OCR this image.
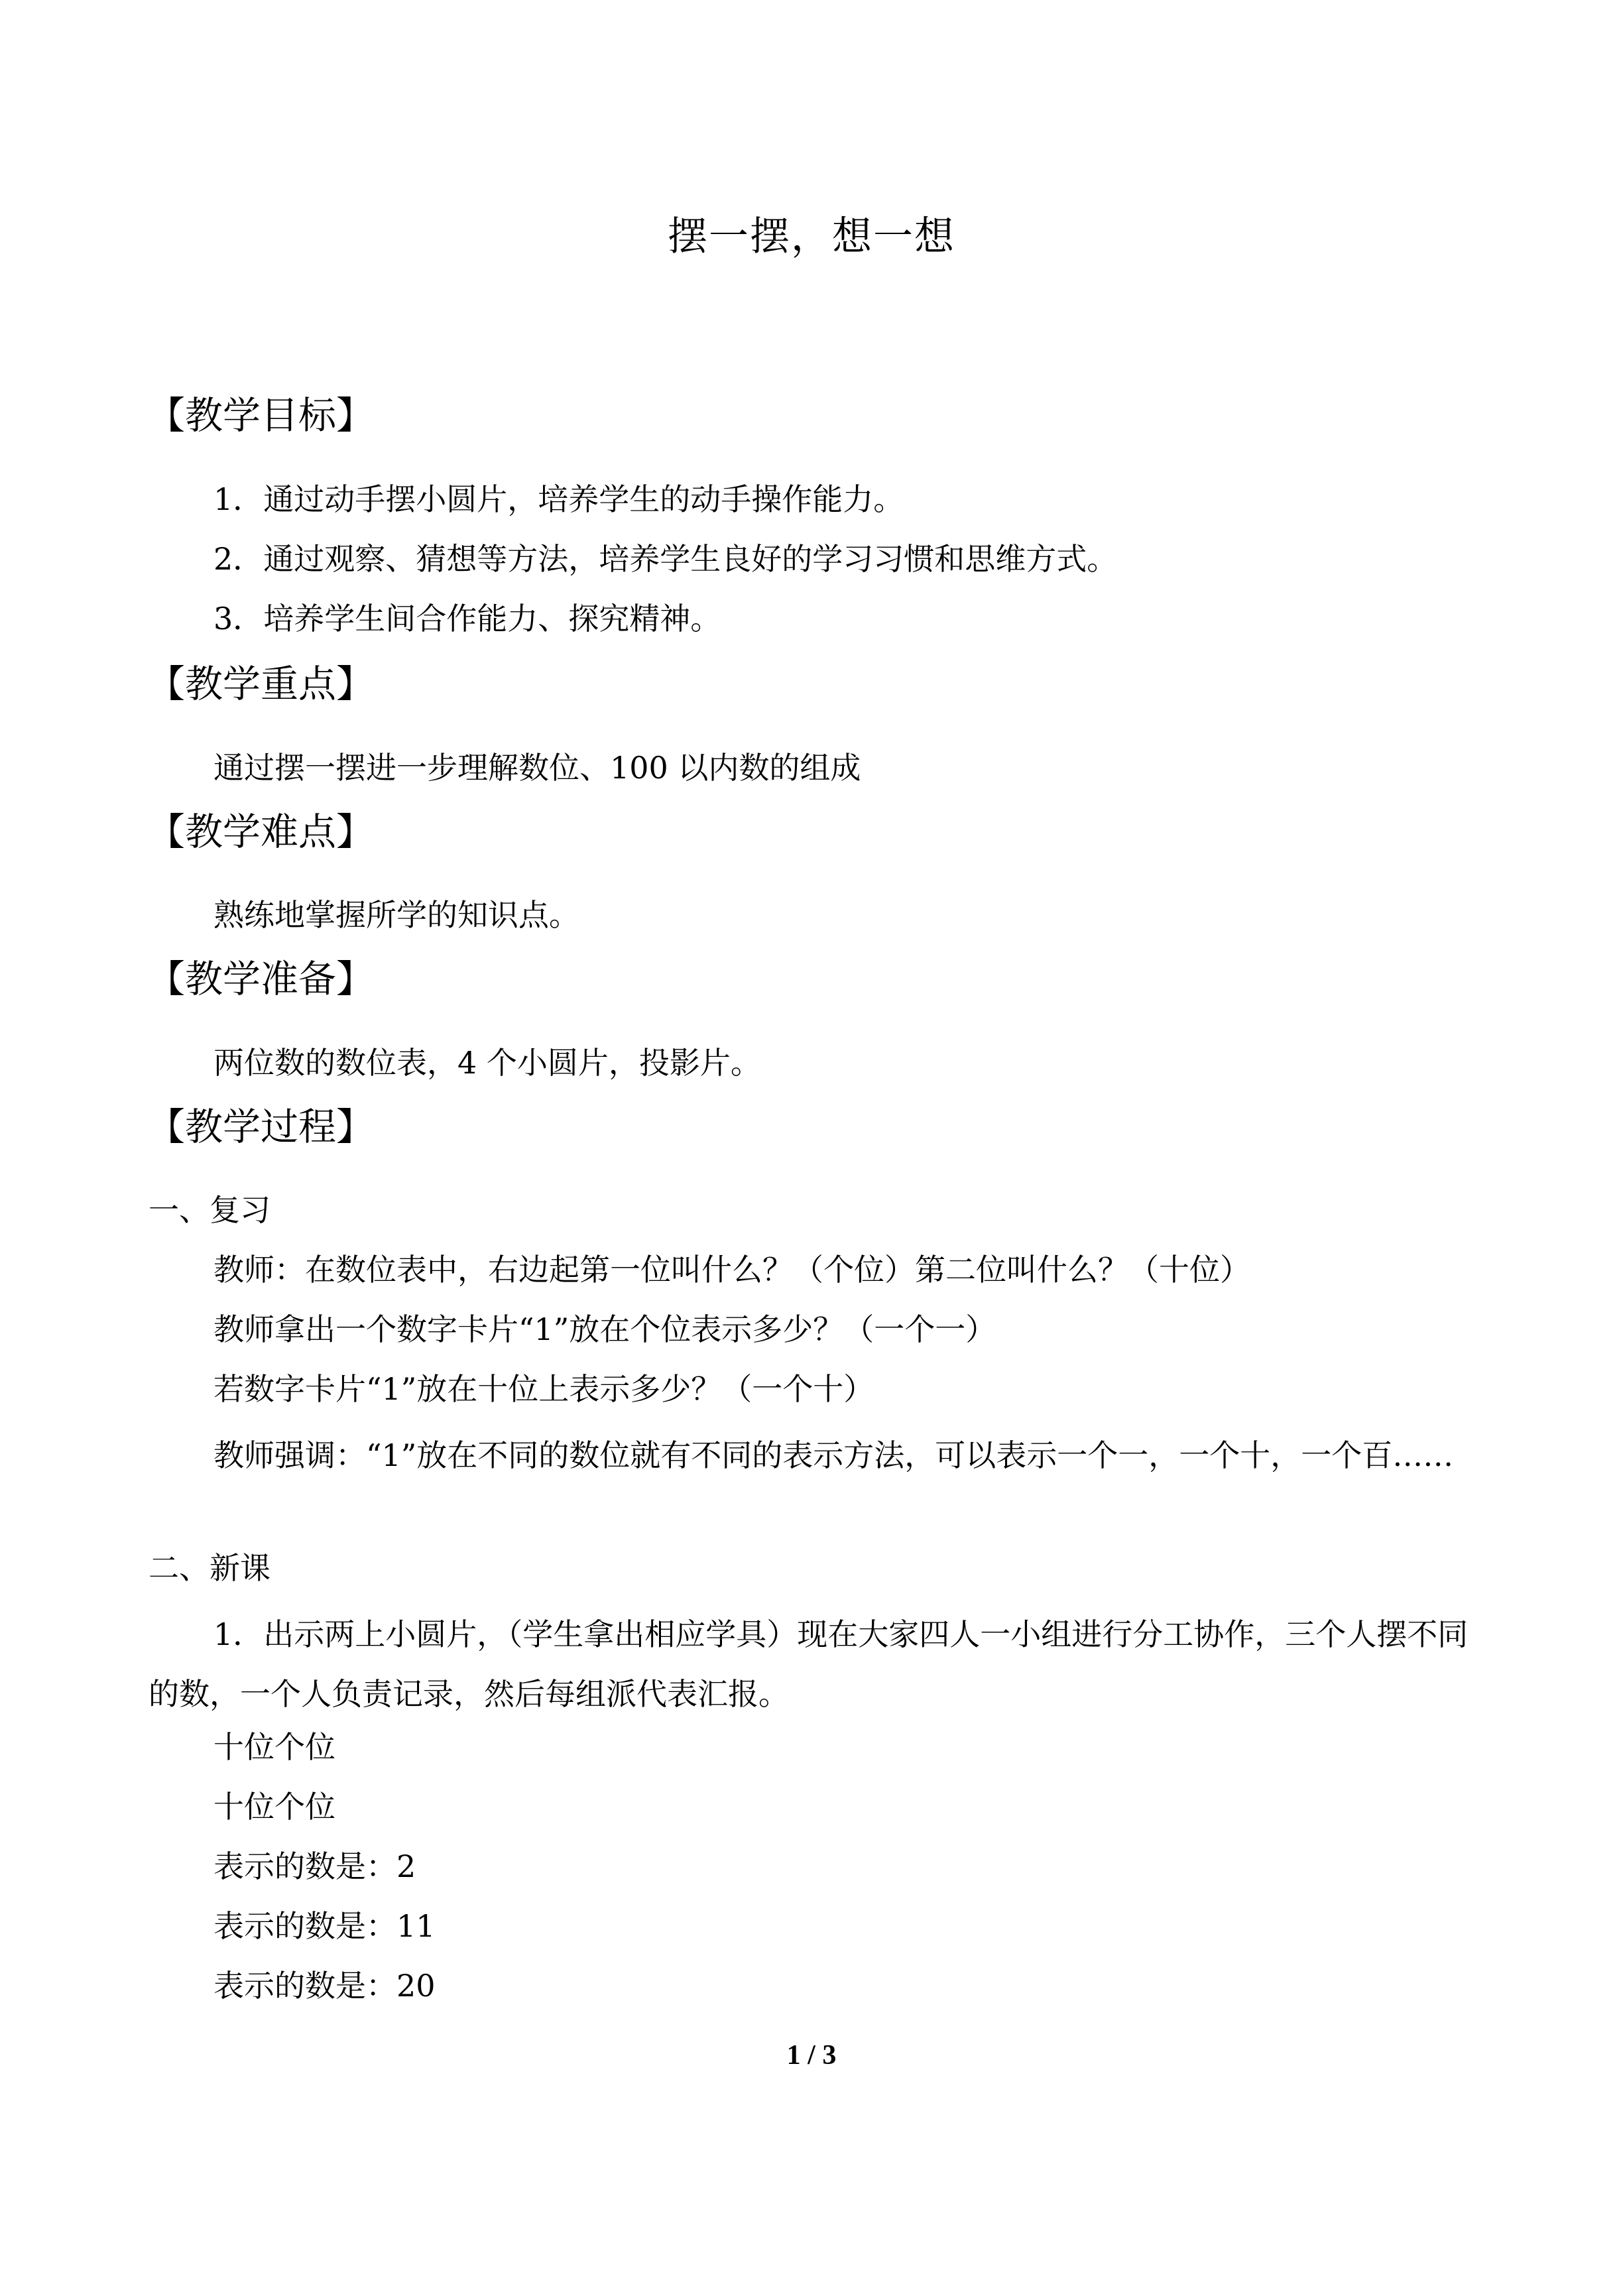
摆一摆，想一想
【教学目标】
1．通过动手摆小圆片，培养学生的动手操作能力。
2．通过观察、猜想等方法，培养学生良好的学习习惯和思维方式。
3．培养学生间合作能力、探究精神。
【教学重点】
通过摆一摆进一步理解数位、100 以内数的组成
【教学难点】
熟练地掌握所学的知识点。
【教学准备】
两位数的数位表，4 个小圆片，投影片。
【教学过程】
一、复习
教师：在数位表中，右边起第一位叫什么？（个位）第二位叫什么？（十位）
教师拿出一个数字卡片“1”放在个位表示多少？（一个一）
若数字卡片“1”放在十位上表示多少？（一个十）
教师强调：“1”放在不同的数位就有不同的表示方法，可以表示一个一，一个十，一个百……
二、新课
1．出示两上小圆片，（学生拿出相应学具）现在大家四人一小组进行分工协作，三个人摆不同的数，一个人负责记录，然后每组派代表汇报。
十位个位
十位个位
表示的数是：2
表示的数是：11
表示的数是：20
1 / 3
